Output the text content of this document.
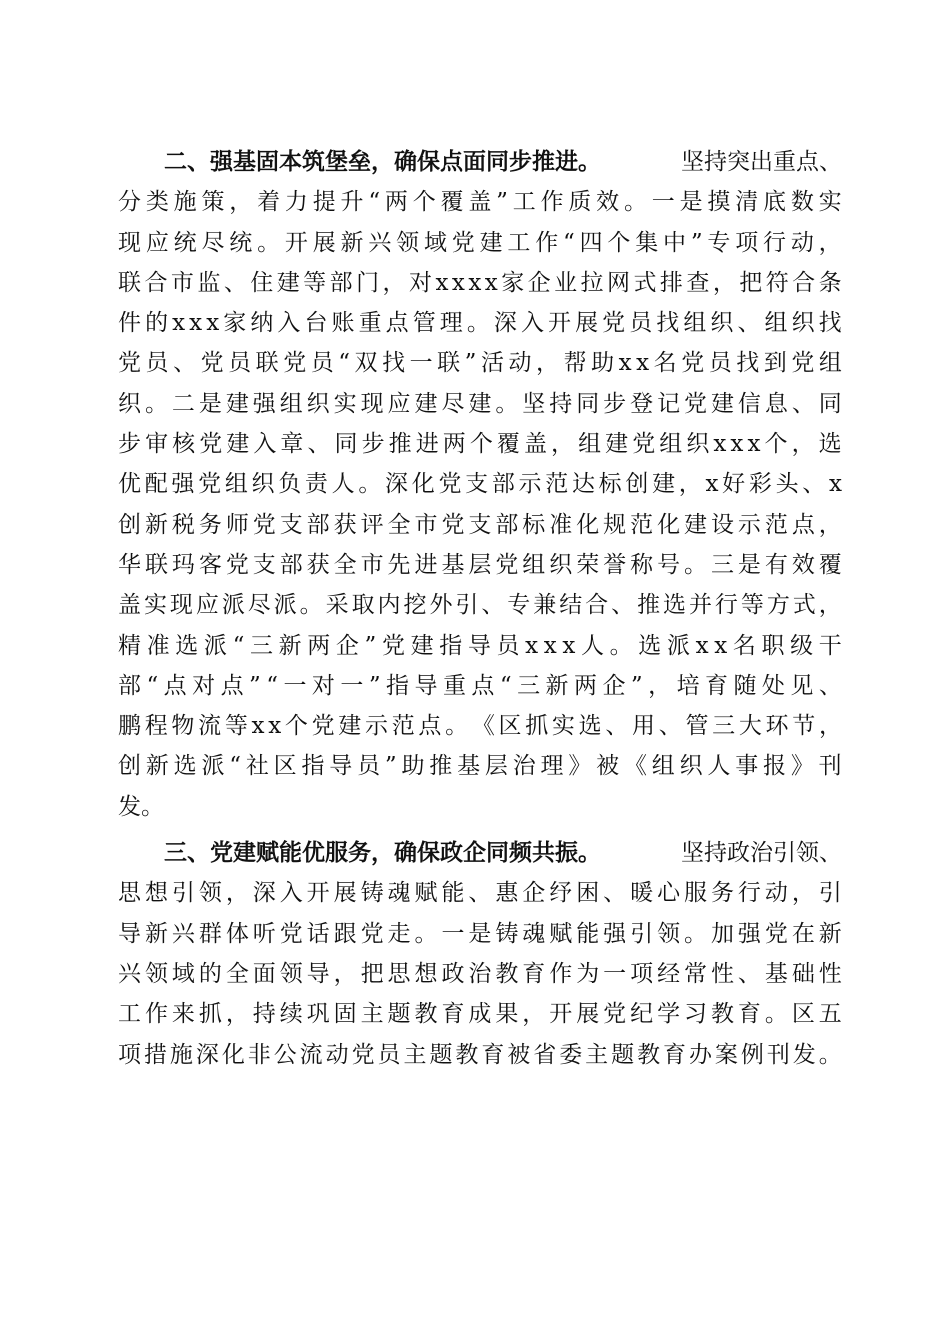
二、强基固本筑堡垒，确保点面同步推进。	坚持突出重点、
分 类 施 策 ， 着 力 提 升 “ 两 个 覆 盖 ” 工 作 质 效 。 一 是 摸 清 底 数 实
现 应 统 尽 统 。 开 展 新 兴 领 域 党 建 工 作 “ 四 个 集 中 ” 专 项 行 动 ，
联 合 市 监 、 住 建 等 部 门 ， 对 x x x x 家 企 业 拉 网 式 排 查 ， 把 符 合 条
件 的 x x x 家 纳 入 台 账 重 点 管 理 。 深 入 开 展 党 员 找 组 织 、 组 织 找
党 员 、 党 员 联 党 员 “ 双 找 一 联 ” 活 动 ， 帮 助 x x 名 党 员 找 到 党 组
织 。 二 是 建 强 组 织 实 现 应 建 尽 建 。 坚 持 同 步 登 记 党 建 信 息 、 同
步 审 核 党 建 入 章 、 同 步 推 进 两 个 覆 盖 ， 组 建 党 组 织 x x x 个 ， 选
优 配 强 党 组 织 负 责 人 。 深 化 党 支 部 示 范 达 标 创 建 ， x 好 彩 头 、 x
创 新 税 务 师 党 支 部 获 评 全 市 党 支 部 标 准 化 规 范 化 建 设 示 范 点 ，
华 联 玛 客 党 支 部 获 全 市 先 进 基 层 党 组 织 荣 誉 称 号 。 三 是 有 效 覆
盖 实 现 应 派 尽 派 。 采 取 内 挖 外 引 、 专 兼 结 合 、 推 选 并 行 等 方 式 ，
精 准 选 派 “ 三 新 两 企 ” 党 建 指 导 员 x x x 人 。 选 派 x x 名 职 级 干
部 “ 点 对 点 ” “ 一 对 一 ” 指 导 重 点 “ 三 新 两 企 ” ， 培 育 随 处 见 、
鹏 程 物 流 等 x x 个 党 建 示 范 点 。 《 区 抓 实 选 、 用 、 管 三 大 环 节 ，
创 新 选 派 “ 社 区 指 导 员 ” 助 推 基 层 治 理 》 被 《 组 织 人 事 报 》 刊
发。
三、党建赋能优服务，确保政企同频共振。	坚持政治引领、
思 想 引 领 ， 深 入 开 展 铸 魂 赋 能 、 惠 企 纾 困 、 暖 心 服 务 行 动 ， 引
导 新 兴 群 体 听 党 话 跟 党 走 。 一 是 铸 魂 赋 能 强 引 领 。 加 强 党 在 新
兴 领 域 的 全 面 领 导 ， 把 思 想 政 治 教 育 作 为 一 项 经 常 性 、 基 础 性
工 作 来 抓 ， 持 续 巩 固 主 题 教 育 成 果 ， 开 展 党 纪 学 习 教 育 。 区 五
项 措 施 深 化 非 公 流 动 党 员 主 题 教 育 被 省 委 主 题 教 育 办 案 例 刊 发 。
